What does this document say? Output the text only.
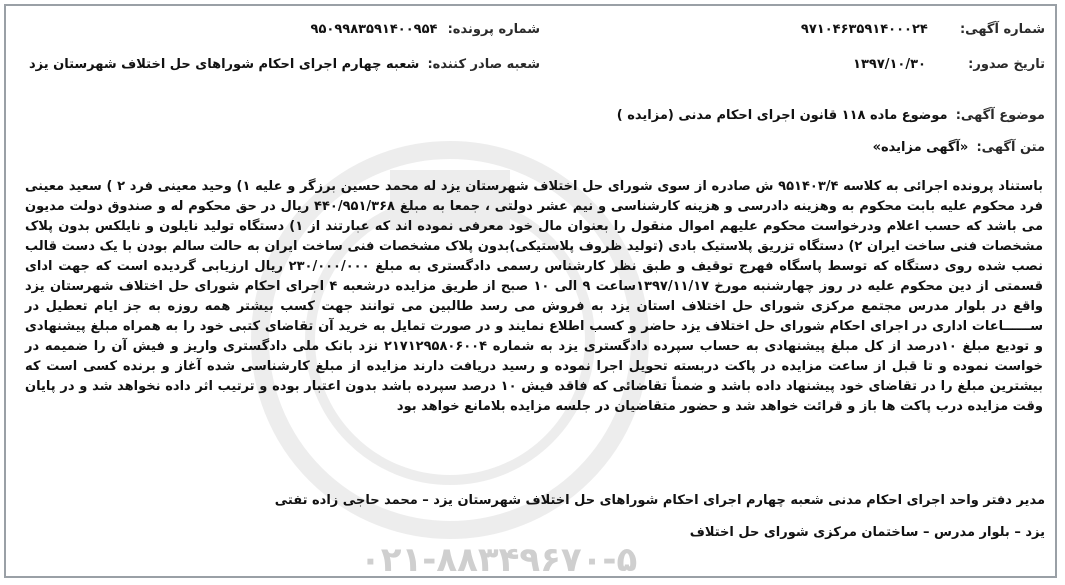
۰۲۱-۸۸۳۴۹۶۷۰-۵
شماره آگهی: ۹۷۱۰۴۶۳۵۹۱۴۰۰۰۲۴
شماره پرونده: ۹۵۰۹۹۸۳۵۹۱۴۰۰۹۵۴
تاریخ صدور: ۱۳۹۷/۱۰/۳۰
شعبه صادر کننده: شعبه چهارم اجرای احکام شوراهای حل اختلاف شهرستان یزد
موضوع آگهی: موضوع ماده ۱۱۸ قانون اجرای احکام مدنی (مزایده )
متن آگهی: «آگهی مزایده»
باستناد پرونده اجرائی به کلاسه ۹۵۱۴۰۳/۴ ش صادره از سوی شورای حل اختلاف شهرستان یزد له محمد حسین برزگر و علیه ۱) وحید معینی فرد ۲ ) سعید معینی فرد محکوم علیه بابت محکوم به وهزینه دادرسی و هزینه کارشناسی و نیم عشر دولتی ، جمعا به مبلغ ۴۴۰/۹۵۱/۳۶۸ ریال در حق محکوم له و صندوق دولت مدیون می باشد که حسب اعلام ودرخواست محکوم علیهم اموال منقول را بعنوان مال خود معرفی نموده اند که عبارتند از ۱) دستگاه تولید نایلون و نایلکس بدون پلاک مشخصات فنی ساخت ایران ۲) دستگاه تزریق پلاستیک بادی (تولید ظروف پلاستیکی)بدون پلاک مشخصات فنی ساخت ایران به حالت سالم بودن با یک دست قالب نصب شده روی دستگاه که توسط پاسگاه فهرج توقیف و طبق نظر کارشناس رسمی دادگستری به مبلغ ۲۳۰/۰۰۰/۰۰۰ ریال ارزیابی گردیده است که جهت ادای قسمتی از دین محکوم علیه در روز چهارشنبه مورخ ۱۳۹۷/۱۱/۱۷ساعت ۹ الی ۱۰ صبح از طریق مزایده درشعبه ۴ اجرای احکام شورای حل اختلاف شهرستان یزد واقع در بلوار مدرس مجتمع مرکزی شورای حل اختلاف استان یزد به فروش می رسد طالبین می توانند جهت کسب بیشتر همه روزه به جز ایام تعطیل در ســــــاعات اداری در اجرای احکام شورای حل اختلاف یزد حاضر و کسب اطلاع نمایند و در صورت تمایل به خرید آن تقاضای کتبی خود را به همراه مبلغ پیشنهادی و تودیع مبلغ ۱۰درصد از کل مبلغ پیشنهادی به حساب سپرده دادگستری یزد به شماره ۲۱۷۱۲۹۵۸۰۶۰۰۴ نزد بانک ملی دادگستری واریز و فیش آن را ضمیمه در خواست نموده و تا قبل از ساعت مزایده در پاکت دربسته تحویل اجرا نموده و رسید دریافت دارند مزایده از مبلغ کارشناسی شده آغاز و برنده کسی است که بیشترین مبلغ را در تقاضای خود پیشنهاد داده باشد و ضمناً تقاضائی که فاقد فیش ۱۰ درصد سپرده باشد بدون اعتبار بوده و ترتیب اثر داده نخواهد شد و در پایان وقت مزایده درب پاکت ها باز و قرائت خواهد شد و حضور متقاضیان در جلسه مزایده بلامانع خواهد بود
مدیر دفتر واحد اجرای احکام مدنی شعبه چهارم اجرای احکام شوراهای حل اختلاف شهرستان یزد – محمد حاجی زاده تفتی
یزد – بلوار مدرس – ساختمان مرکزی شورای حل اختلاف
